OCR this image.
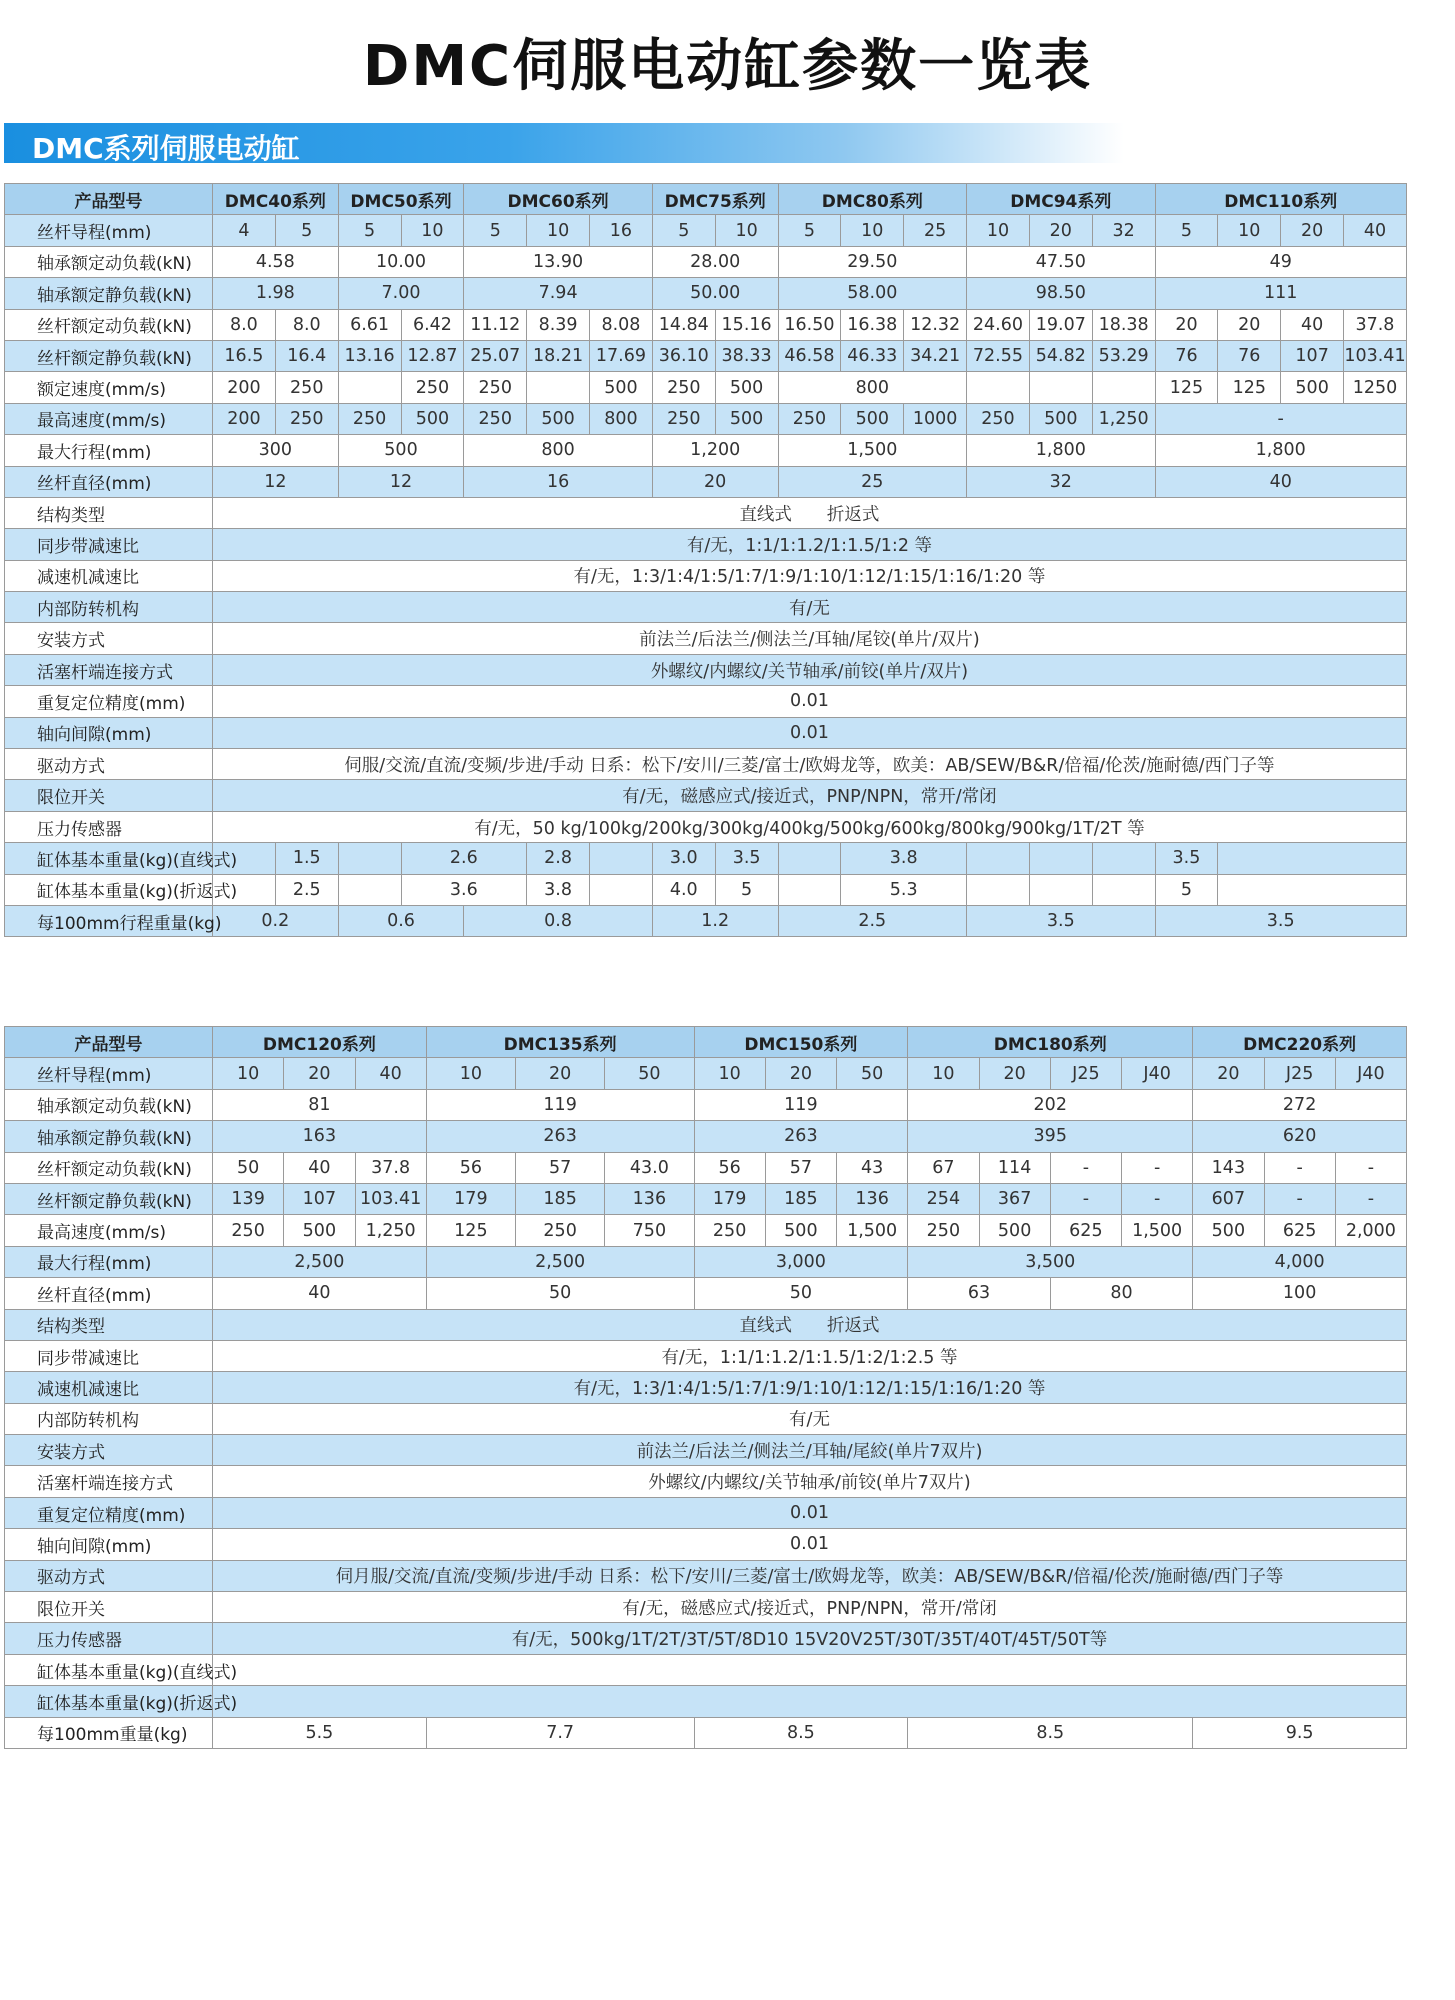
DMC伺服电动缸参数一览表
DMC系列伺服电动缸
产品型号	DMC40系列		DMC50系列		DMC60系列			DMC75系列		DMC80系列			DMC94系列			DMC110系列			
丝杆导程(mm)	4	5	5	10	5	10	16	5	10	5	10	25	10	20	32	5	10	20	40
轴承额定动负载(kN)	4.58		10.00		13.90			28.00		29.50			47.50			49			
轴承额定静负载(kN)	1.98		7.00		7.94			50.00		58.00			98.50			111			
丝杆额定动负载(kN)	8.0	8.0	6.61	6.42	11.12	8.39	8.08	14.84	15.16	16.50	16.38	12.32	24.60	19.07	18.38	20	20	40	37.8
丝杆额定静负载(kN)	16.5	16.4	13.16	12.87	25.07	18.21	17.69	36.10	38.33	46.58	46.33	34.21	72.55	54.82	53.29	76	76	107	103.41
额定速度(mm/s)	200	250		250	250		500	250	500	800						125	125	500	1250
最高速度(mm/s)	200	250	250	500	250	500	800	250	500	250	500	1000	250	500	1,250	-			
最大行程(mm)	300		500		800			1,200		1,500			1,800			1,800			
丝杆直径(mm)	12		12		16			20		25			32			40			
结构类型	直线式　　折返式																		
同步带减速比	有/无，1:1/1:1.2/1:1.5/1:2 等																		
减速机减速比	有/无，1:3/1:4/1:5/1:7/1:9/1:10/1:12/1:15/1:16/1:20 等																		
内部防转机构	有/无																		
安装方式	前法兰/后法兰/侧法兰/耳轴/尾铰(单片/双片)																		
活塞杆端连接方式	外螺纹/内螺纹/关节轴承/前铰(单片/双片)																		
重复定位精度(mm)	0.01																		
轴向间隙(mm)	0.01																		
驱动方式	伺服/交流/直流/变频/步进/手动 日系：松下/安川/三菱/富士/欧姆龙等，欧美：AB/SEW/B&R/倍福/伦茨/施耐德/西门子等																		
限位开关	有/无，磁感应式/接近式，PNP/NPN，常开/常闭																		
压力传感器	有/无，50 kg/100kg/200kg/300kg/400kg/500kg/600kg/800kg/900kg/1T/2T 等																		
缸体基本重量(kg)(直线式)		1.5		2.6		2.8		3.0	3.5		3.8					3.5			
缸体基本重量(kg)(折返式)		2.5		3.6		3.8		4.0	5		5.3					5			
每100mm行程重量(kg)	0.2		0.6		0.8			1.2		2.5			3.5			3.5			
产品型号	DMC120系列			DMC135系列			DMC150系列			DMC180系列				DMC220系列		
丝杆导程(mm)	10	20	40	10	20	50	10	20	50	10	20	J25	J40	20	J25	J40
轴承额定动负载(kN)	81			119			119			202				272		
轴承额定静负载(kN)	163			263			263			395				620		
丝杆额定动负载(kN)	50	40	37.8	56	57	43.0	56	57	43	67	114	-	-	143	-	-
丝杆额定静负载(kN)	139	107	103.41	179	185	136	179	185	136	254	367	-	-	607	-	-
最高速度(mm/s)	250	500	1,250	125	250	750	250	500	1,500	250	500	625	1,500	500	625	2,000
最大行程(mm)	2,500			2,500			3,000			3,500				4,000		
丝杆直径(mm)	40			50			50			63		80		100		
结构类型	直线式　　折返式															
同步带减速比	有/无，1:1/1:1.2/1:1.5/1:2/1:2.5 等															
减速机减速比	有/无，1:3/1:4/1:5/1:7/1:9/1:10/1:12/1:15/1:16/1:20 等															
内部防转机构	有/无															
安装方式	前法兰/后法兰/侧法兰/耳轴/尾絞(单片7双片)															
活塞杆端连接方式	外螺纹/内螺纹/关节轴承/前铰(单片7双片)															
重复定位精度(mm)	0.01															
轴向间隙(mm)	0.01															
驱动方式	伺月服/交流/直流/变频/步进/手动 日系：松下/安川/三菱/富士/欧姆龙等，欧美：AB/SEW/B&R/倍福/伦茨/施耐德/西门子等															
限位开关	有/无，磁感应式/接近式，PNP/NPN，常开/常闭															
压力传感器	有/无，500kg/1T/2T/3T/5T/8D10 15V20V25T/30T/35T/40T/45T/50T等															
缸体基本重量(kg)(直线式)																
缸体基本重量(kg)(折返式)																
每100mm重量(kg)	5.5			7.7			8.5			8.5				9.5		
